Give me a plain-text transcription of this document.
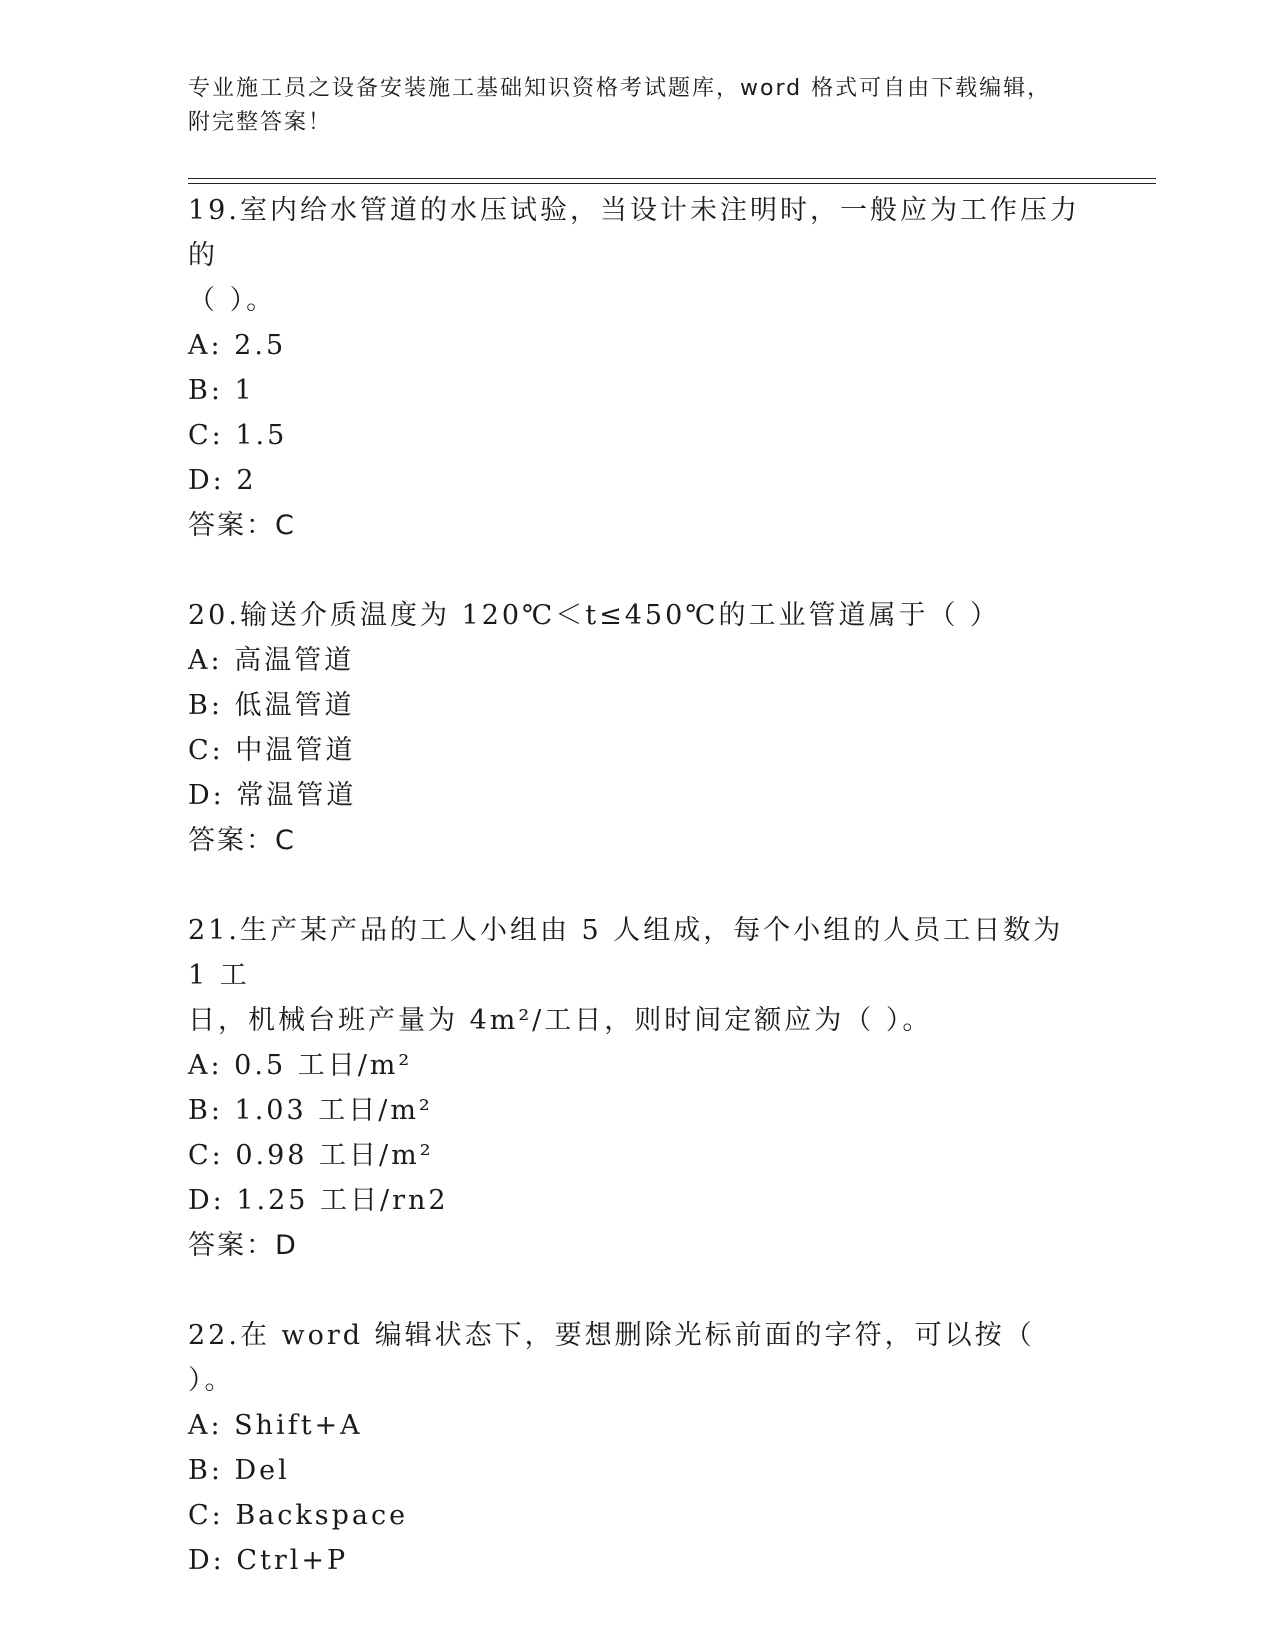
专业施工员之设备安装施工基础知识资格考试题库，word 格式可自由下载编辑，
附完整答案！
19.室内给水管道的水压试验，当设计未注明时，一般应为工作压力的
（ ）。
A: 2.5
B: 1
C: 1.5
D: 2
答案：C
20.输送介质温度为 120℃＜t≤450℃的工业管道属于（ ）
A: 高温管道
B: 低温管道
C: 中温管道
D: 常温管道
答案：C
21.生产某产品的工人小组由 5 人组成，每个小组的人员工日数为 1 工
日，机械台班产量为 4m²/工日，则时间定额应为（ ）。
A: 0.5 工日/m²
B: 1.03 工日/m²
C: 0.98 工日/m²
D: 1.25 工日/rn2
答案：D
22.在 word 编辑状态下，要想删除光标前面的字符，可以按（ ）。
A: Shift+A
B: Del
C: Backspace
D: Ctrl+P
